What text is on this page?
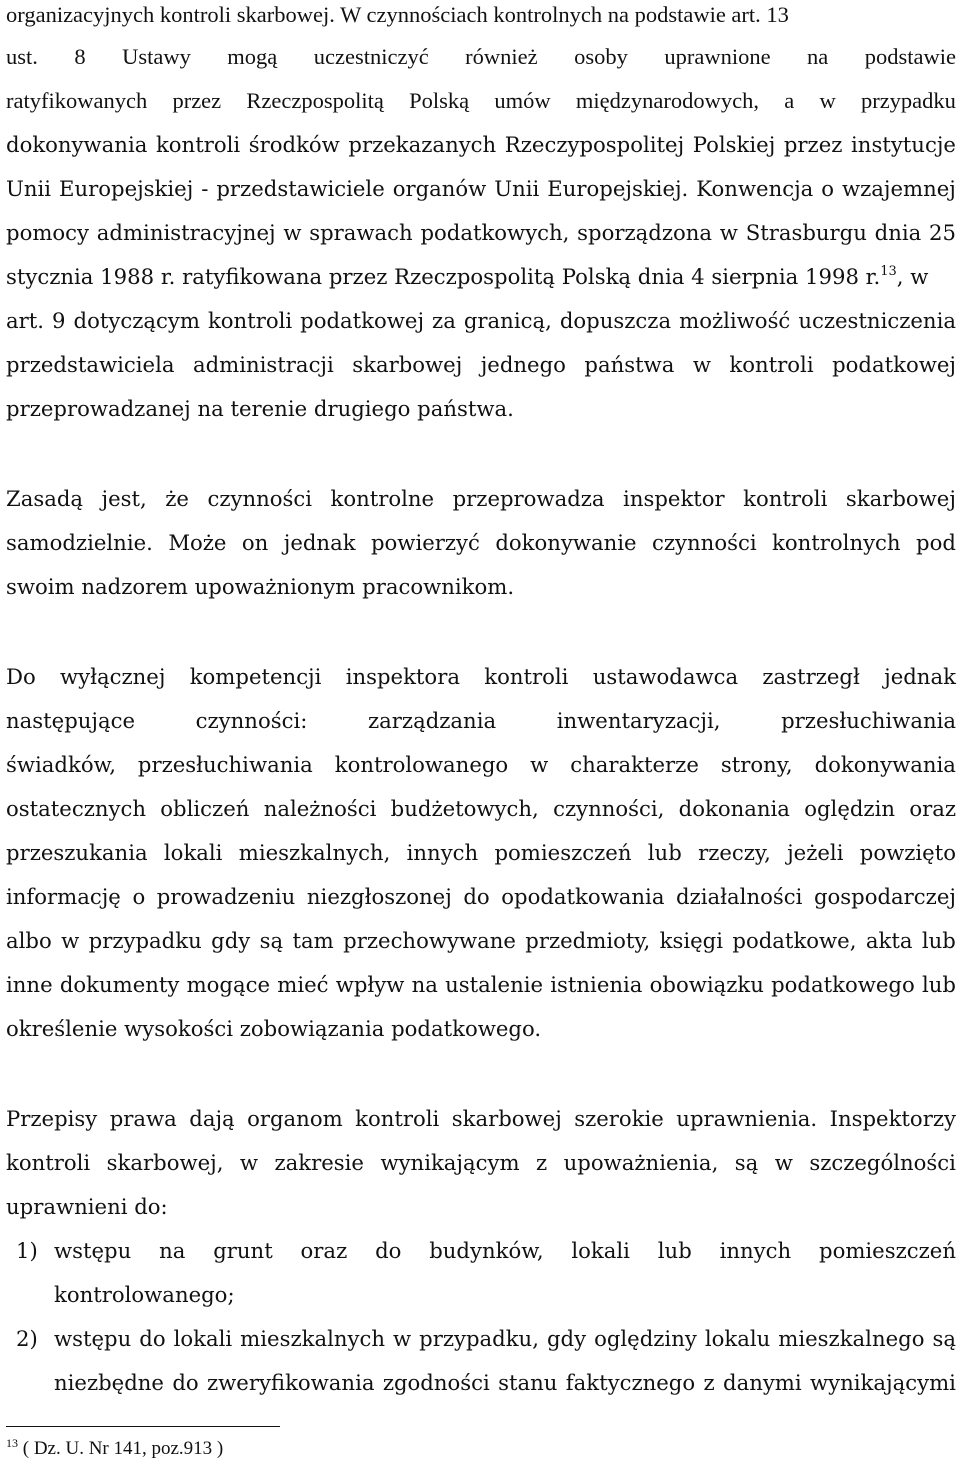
organizacyjnych kontroli skarbowej. W czynnościach kontrolnych na podstawie art. 13
ust. 8 Ustawy mogą uczestniczyć również osoby uprawnione na podstawie
ratyfikowanych przez Rzeczpospolitą Polską umów międzynarodowych, a w przypadku
dokonywania kontroli środków przekazanych Rzeczypospolitej Polskiej przez instytucje
Unii Europejskiej - przedstawiciele organów Unii Europejskiej. Konwencja o wzajemnej
pomocy administracyjnej w sprawach podatkowych, sporządzona w Strasburgu dnia 25
stycznia 1988 r. ratyfikowana przez Rzeczpospolitą Polską dnia 4 sierpnia 1998 r.$^{13}$, w
art. 9 dotyczącym kontroli podatkowej za granicą, dopuszcza możliwość uczestniczenia
przedstawiciela administracji skarbowej jednego państwa w kontroli podatkowej
przeprowadzanej na terenie drugiego państwa.
Zasadą jest, że czynności kontrolne przeprowadza inspektor kontroli skarbowej
samodzielnie. Może on jednak powierzyć dokonywanie czynności kontrolnych pod
swoim nadzorem upoważnionym pracownikom.
Do wyłącznej kompetencji inspektora kontroli ustawodawca zastrzegł jednak
następujące	czynności:	zarządzania	inwentaryzacji,	przesłuchiwania
świadków, przesłuchiwania kontrolowanego w charakterze strony, dokonywania
ostatecznych obliczeń należności budżetowych, czynności, dokonania oględzin oraz
przeszukania lokali mieszkalnych, innych pomieszczeń lub rzeczy, jeżeli powzięto
informację o prowadzeniu niezgłoszonej do opodatkowania działalności gospodarczej
albo w przypadku gdy są tam przechowywane przedmioty, księgi podatkowe, akta lub
inne dokumenty mogące mieć wpływ na ustalenie istnienia obowiązku podatkowego lub
określenie wysokości zobowiązania podatkowego.
Przepisy prawa dają organom kontroli skarbowej szerokie uprawnienia. Inspektorzy
kontroli skarbowej, w zakresie wynikającym z upoważnienia, są w szczególności
uprawnieni do:
1) wstępu na grunt oraz do budynków, lokali lub innych pomieszczeń
kontrolowanego;
2) wstępu do lokali mieszkalnych w przypadku, gdy oględziny lokalu mieszkalnego są
niezbędne do zweryfikowania zgodności stanu faktycznego z danymi wynikającymi
$^{13}$ ( Dz. U. Nr 141, poz.913 )
